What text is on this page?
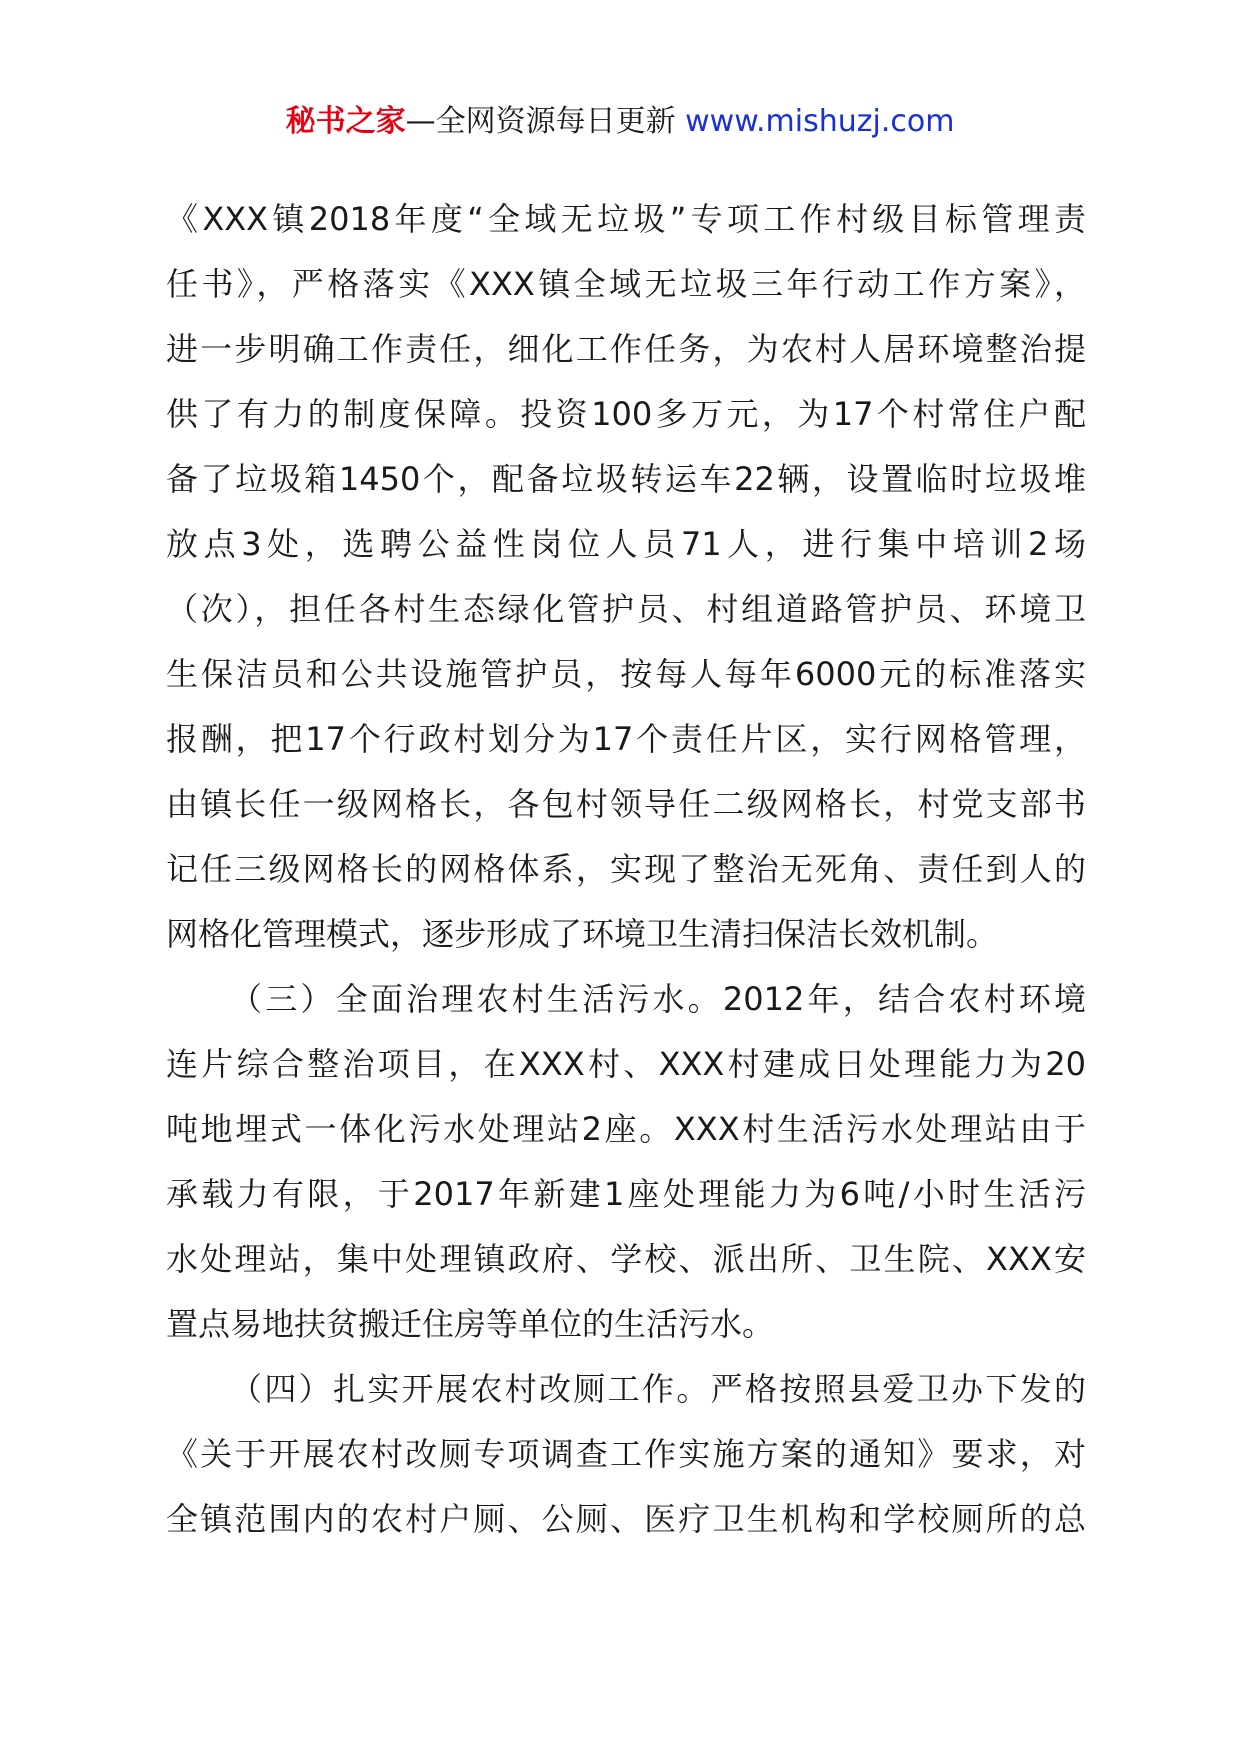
秘书之家—全网资源每日更新 www.mishuzj.com
《XXX镇2018年度“全域无垃圾”专项工作村级目标管理责
任书》，严格落实《XXX镇全域无垃圾三年行动工作方案》，
进一步明确工作责任，细化工作任务，为农村人居环境整治提
供了有力的制度保障。投资100多万元，为17个村常住户配
备了垃圾箱1450个，配备垃圾转运车22辆，设置临时垃圾堆
放点3处，选聘公益性岗位人员71人，进行集中培训2场
（次），担任各村生态绿化管护员、村组道路管护员、环境卫
生保洁员和公共设施管护员，按每人每年6000元的标准落实
报酬，把17个行政村划分为17个责任片区，实行网格管理，
由镇长任一级网格长，各包村领导任二级网格长，村党支部书
记任三级网格长的网格体系，实现了整治无死角、责任到人的
网格化管理模式，逐步形成了环境卫生清扫保洁长效机制。
（三）全面治理农村生活污水。2012年，结合农村环境
连片综合整治项目，在XXX村、XXX村建成日处理能力为20
吨地埋式一体化污水处理站2座。XXX村生活污水处理站由于
承载力有限，于2017年新建1座处理能力为6吨/小时生活污
水处理站，集中处理镇政府、学校、派出所、卫生院、XXX安
置点易地扶贫搬迁住房等单位的生活污水。
（四）扎实开展农村改厕工作。严格按照县爱卫办下发的
《关于开展农村改厕专项调查工作实施方案的通知》要求，对
全镇范围内的农村户厕、公厕、医疗卫生机构和学校厕所的总
